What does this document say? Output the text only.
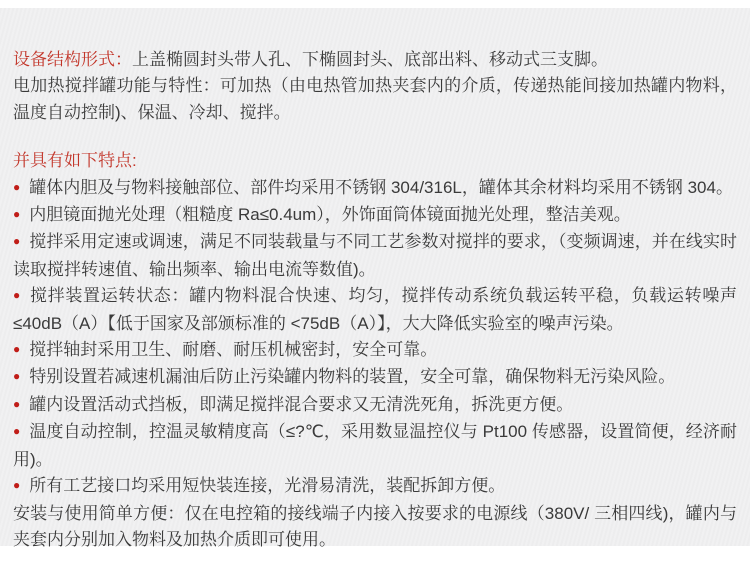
设备结构形式：上盖椭圆封头带人孔、下椭圆封头、底部出料、移动式三支脚。

电加热搅拌罐功能与特性：可加热（由电热管加热夹套内的介质，传递热能间接加热罐内物料，温度自动控制)、保温、冷却、搅拌。

并具有如下特点:

● 罐体内胆及与物料接触部位、部件均采用不锈钢 304/316L，罐体其余材料均采用不锈钢 304。

● 内胆镜面抛光处理（粗糙度 Ra≤0.4um），外饰面筒体镜面抛光处理，整洁美观。

● 搅拌采用定速或调速，满足不同装载量与不同工艺参数对搅拌的要求，（变频调速，并在线实时读取搅拌转速值、输出频率、输出电流等数值)。

● 搅拌装置运转状态：罐内物料混合快速、均匀，搅拌传动系统负载运转平稳，负载运转噪声≤40dB（A）【低于国家及部颁标准的 <75dB（A）】，大大降低实验室的噪声污染。

● 搅拌轴封采用卫生、耐磨、耐压机械密封，安全可靠。

● 特别设置若减速机漏油后防止污染罐内物料的装置，安全可靠，确保物料无污染风险。

● 罐内设置活动式挡板，即满足搅拌混合要求又无清洗死角，拆洗更方便。

● 温度自动控制，控温灵敏精度高（≤?℃，采用数显温控仪与 Pt100 传感器，设置简便，经济耐用)。

● 所有工艺接口均采用短快装连接，光滑易清洗，装配拆卸方便。

安装与使用简单方便：仅在电控箱的接线端子内接入按要求的电源线（380V/ 三相四线)，罐内与夹套内分别加入物料及加热介质即可使用。
